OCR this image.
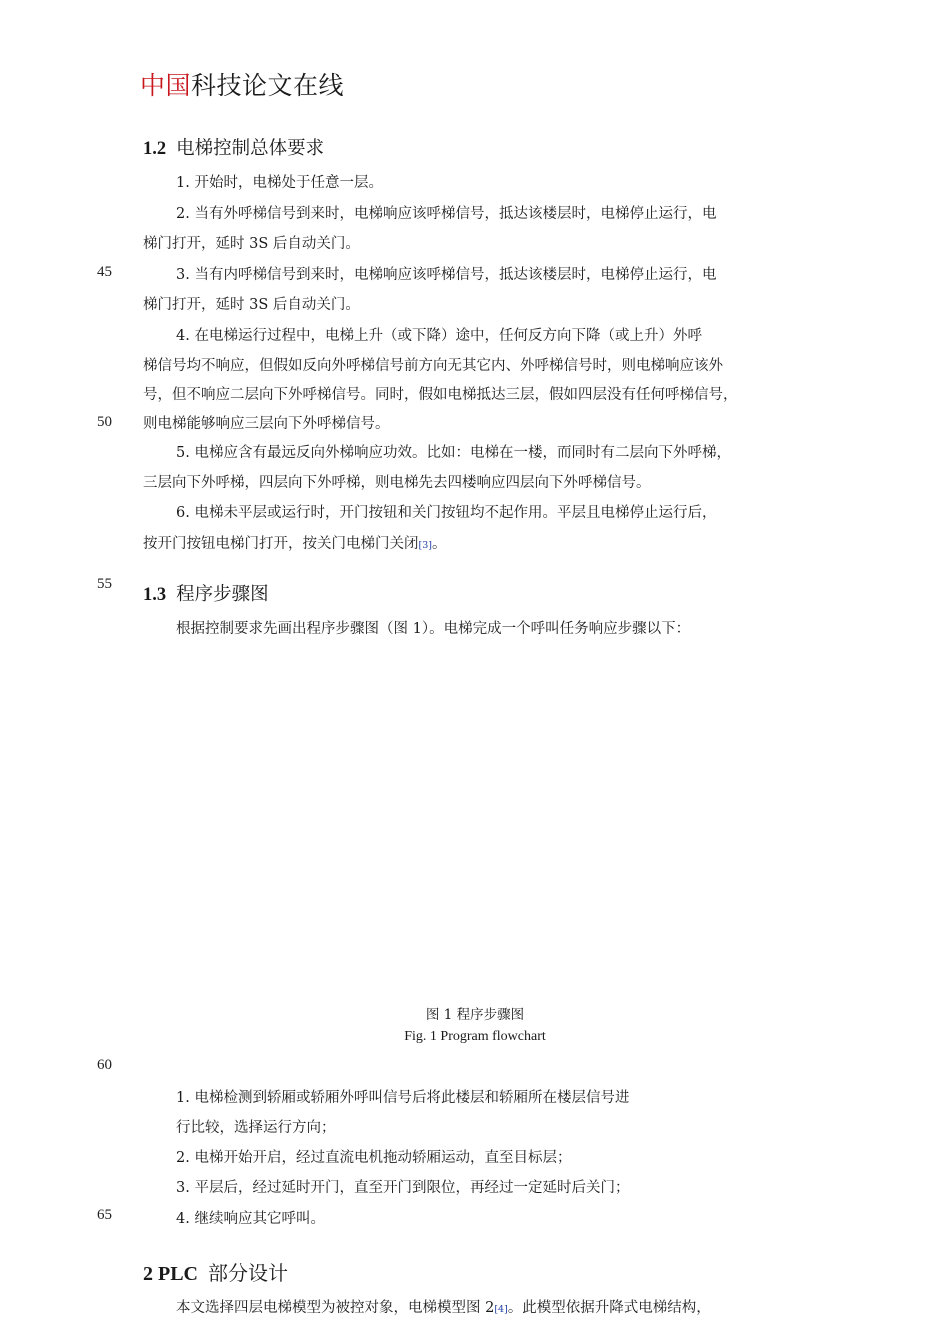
中国科技论文在线
45
50
55
60
65
1.2 电梯控制总体要求
1. 开始时，电梯处于任意一层。
2. 当有外呼梯信号到来时，电梯响应该呼梯信号，抵达该楼层时，电梯停止运行，电
梯门打开，延时 3S 后自动关门。
3. 当有内呼梯信号到来时，电梯响应该呼梯信号，抵达该楼层时，电梯停止运行，电
梯门打开，延时 3S 后自动关门。
4. 在电梯运行过程中，电梯上升（或下降）途中，任何反方向下降（或上升）外呼
梯信号均不响应，但假如反向外呼梯信号前方向无其它内、外呼梯信号时，则电梯响应该外
号，但不响应二层向下外呼梯信号。同时，假如电梯抵达三层，假如四层没有任何呼梯信号，
则电梯能够响应三层向下外呼梯信号。
5. 电梯应含有最远反向外梯响应功效。比如：电梯在一楼，而同时有二层向下外呼梯，
三层向下外呼梯，四层向下外呼梯，则电梯先去四楼响应四层向下外呼梯信号。
6. 电梯未平层或运行时，开门按钮和关门按钮均不起作用。平层且电梯停止运行后，
按开门按钮电梯门打开，按关门电梯门关闭[3]。
1.3 程序步骤图
根据控制要求先画出程序步骤图（图 1）。电梯完成一个呼叫任务响应步骤以下：
图 1 程序步骤图
Fig. 1 Program flowchart
1. 电梯检测到轿厢或轿厢外呼叫信号后将此楼层和轿厢所在楼层信号进
行比较，选择运行方向；
2. 电梯开始开启，经过直流电机拖动轿厢运动，直至目标层；
3. 平层后，经过延时开门，直至开门到限位，再经过一定延时后关门；
4. 继续响应其它呼叫。
2 PLC 部分设计
本文选择四层电梯模型为被控对象，电梯模型图 2[4]。此模型依据升降式电梯结构，
